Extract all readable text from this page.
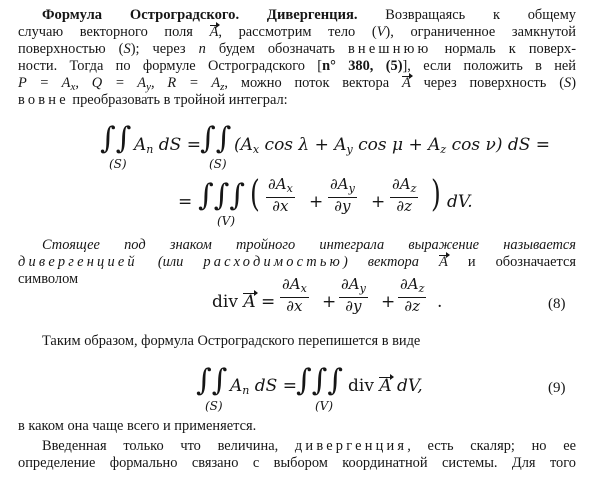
Формула Остроградского. Дивергенция. Возвращаясь к общему
случаю векторного поля A, рассмотрим тело (V), ограниченное замкнутой
поверхностью (S); через n будем обозначать внешнюю нормаль к поверх-
ности. Тогда по формуле Остроградского [n° 380, (5)], если положить в ней
$P = A_x$, $Q = A_y$, $R = A_z$, можно поток вектора A через поверхность (S)
вовне преобразовать в тройной интеграл:
∫∫
(S)
$A_n$ dS = ∫∫
(S)
($A_x$ $\cos \lambda + A_y$ $\cos \mu + A_z$ cos ν) dS =
= ∫∫∫
(V)
( $\partial A_x$
∂x	+
$\partial A_y$
∂y	+
$\partial A_z$
∂z ) dV.
Стоящее под знаком тройного интеграла выражение называется
дивергенцией (или расходимостью) вектора A и обозначается
символом
div A =
$\partial A_x$
∂x	+
$\partial A_y$
∂y	+
$\partial A_z$
∂z .	(8)
Таким образом, формула Остроградского перепишется в виде
∫∫
(S)
$A_n$ dS = ∫∫∫
(V)
div A dV,	(9)
в каком она чаще всего и применяется.
Введенная только что величина, дивергенция, есть скаляр; но ее
определение формально связано с выбором координатной системы. Для того
